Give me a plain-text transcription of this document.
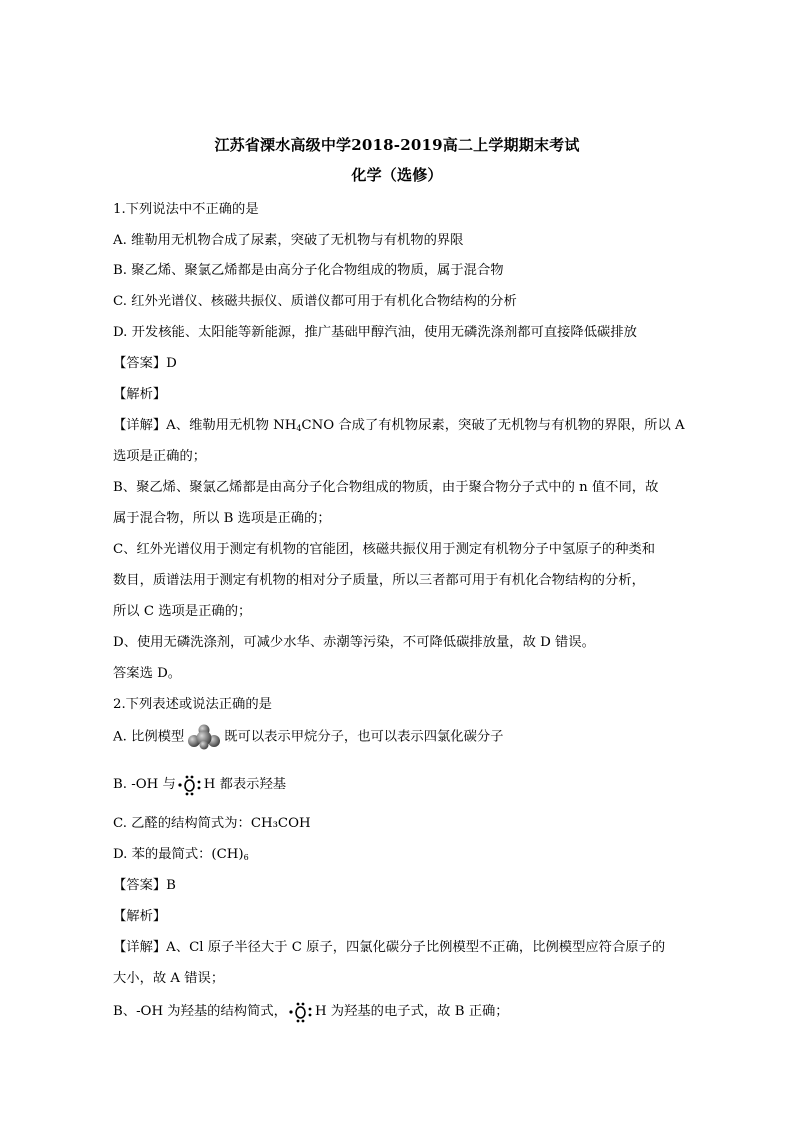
江苏省溧水高级中学2018-2019高二上学期期末考试
化学（选修）
1.下列说法中不正确的是
A. 维勒用无机物合成了尿素，突破了无机物与有机物的界限
B. 聚乙烯、聚氯乙烯都是由高分子化合物组成的物质，属于混合物
C. 红外光谱仪、核磁共振仪、质谱仪都可用于有机化合物结构的分析
D. 开发核能、太阳能等新能源，推广基础甲醇汽油，使用无磷洗涤剂都可直接降低碳排放
【答案】D
【解析】
【详解】A、维勒用无机物 $NH_4CNO$ 合成了有机物尿素，突破了无机物与有机物的界限，所以 A
选项是正确的；
B、聚乙烯、聚氯乙烯都是由高分子化合物组成的物质，由于聚合物分子式中的 n 值不同，故
属于混合物，所以 B 选项是正确的；
C、红外光谱仪用于测定有机物的官能团，核磁共振仪用于测定有机物分子中氢原子的种类和
数目，质谱法用于测定有机物的相对分子质量，所以三者都可用于有机化合物结构的分析，
所以 C 选项是正确的；
D、使用无磷洗涤剂，可减少水华、赤潮等污染，不可降低碳排放量，故 D 错误。
答案选 D。
2.下列表述或说法正确的是
A. 比例模型	既可以表示甲烷分子，也可以表示四氯化碳分子
B. -OH 与 H 都表示羟基
C. 乙醛的结构简式为：CH₃COH
D. 苯的最简式：$(CH)_6$
【答案】B
【解析】
【详解】A、Cl 原子半径大于 C 原子，四氯化碳分子比例模型不正确，比例模型应符合原子的
大小，故 A 错误；
B、-OH 为羟基的结构简式， H 为羟基的电子式，故 B 正确；
